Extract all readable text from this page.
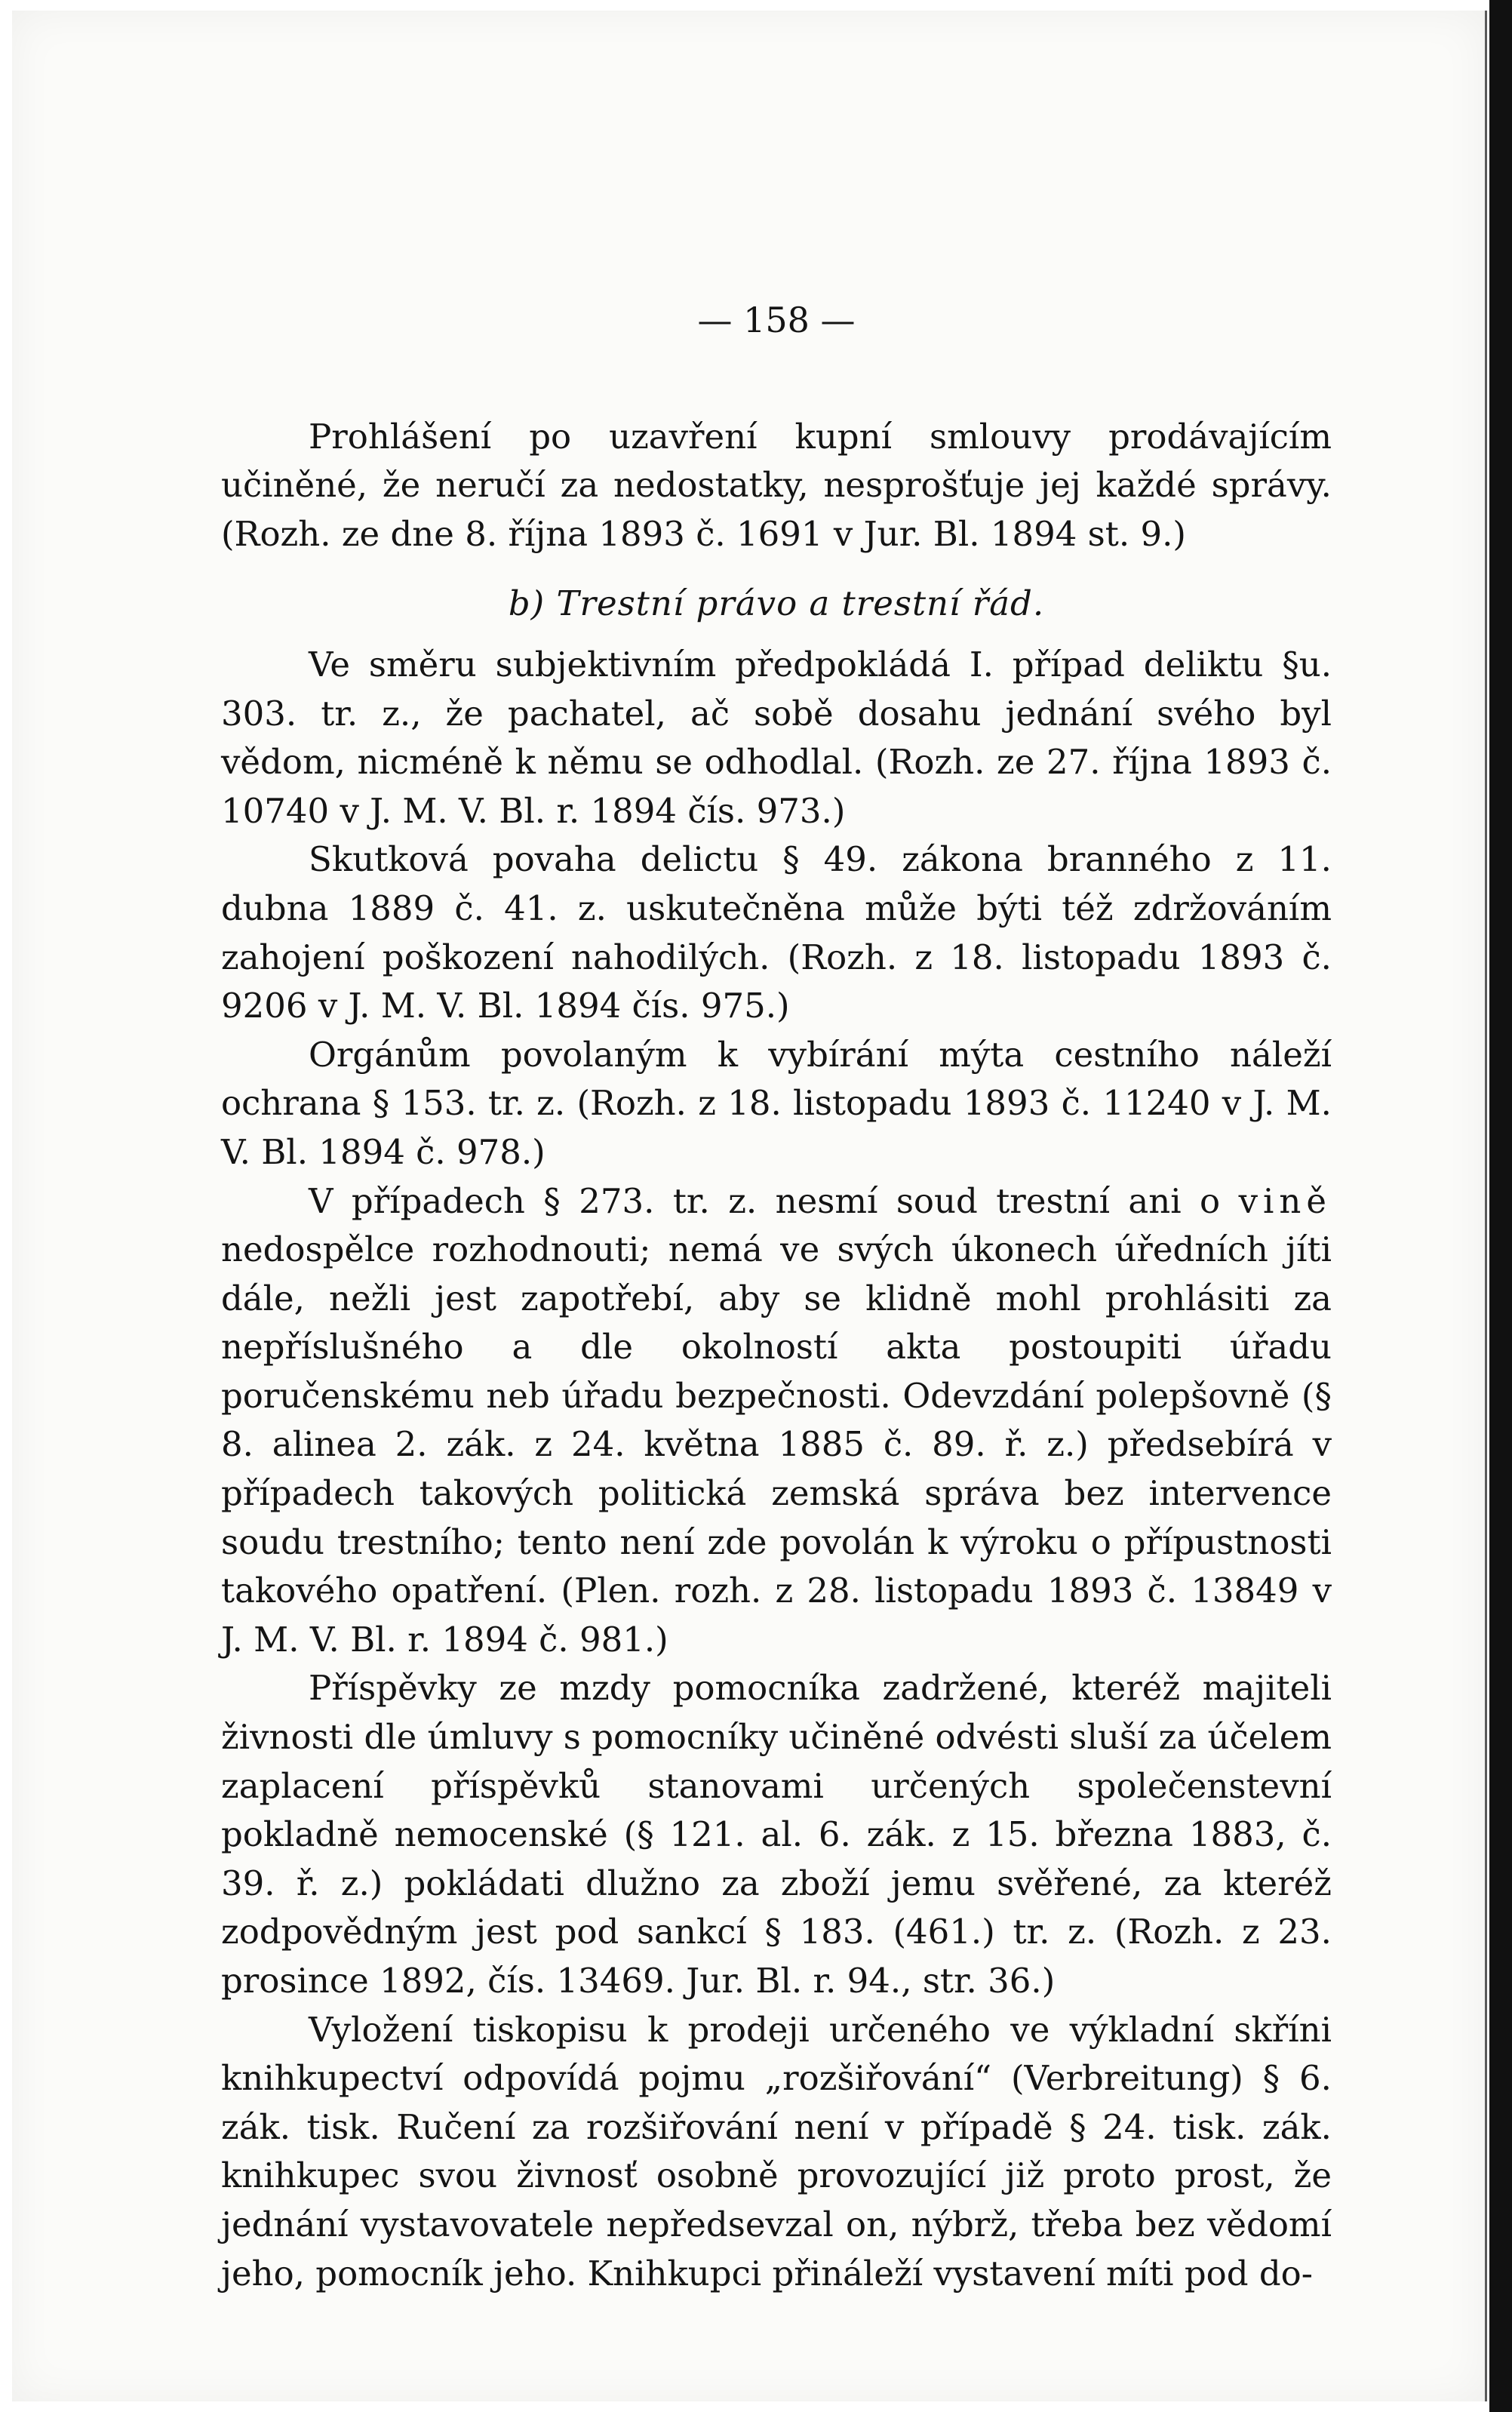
— 158 —

Prohlášení po uzavření kupní smlouvy prodávajícím učiněné, že neručí za nedostatky, nesprošťuje jej každé správy. (Rozh. ze dne 8. října 1893 č. 1691 v Jur. Bl. 1894 st. 9.)

b) Trestní právo a trestní řád.

Ve směru subjektivním předpokládá I. případ deliktu §u. 303. tr. z., že pachatel, ač sobě dosahu jednání svého byl vědom, nicméně k němu se odhodlal. (Rozh. ze 27. října 1893 č. 10740 v J. M. V. Bl. r. 1894 čís. 973.)

Skutková povaha delictu § 49. zákona branného z 11. dubna 1889 č. 41. z. uskutečněna může býti též zdržováním zahojení poškození nahodilých. (Rozh. z 18. listopadu 1893 č. 9206 v J. M. V. Bl. 1894 čís. 975.)

Orgánům povolaným k vybírání mýta cestního náleží ochrana § 153. tr. z. (Rozh. z 18. listopadu 1893 č. 11240 v J. M. V. Bl. 1894 č. 978.)

V případech § 273. tr. z. nesmí soud trestní ani o vině nedospělce rozhodnouti; nemá ve svých úkonech úředních jíti dále, nežli jest zapotřebí, aby se klidně mohl prohlásiti za nepříslušného a dle okolností akta postoupiti úřadu poručenskému neb úřadu bezpečnosti. Odevzdání polepšovně (§ 8. alinea 2. zák. z 24. května 1885 č. 89. ř. z.) předsebírá v případech takových politická zemská správa bez intervence soudu trestního; tento není zde povolán k výroku o přípustnosti takového opatření. (Plen. rozh. z 28. listopadu 1893 č. 13849 v J. M. V. Bl. r. 1894 č. 981.)

Příspěvky ze mzdy pomocníka zadržené, kteréž majiteli živnosti dle úmluvy s pomocníky učiněné odvésti sluší za účelem zaplacení příspěvků stanovami určených společenstevní pokladně nemocenské (§ 121. al. 6. zák. z 15. března 1883, č. 39. ř. z.) pokládati dlužno za zboží jemu svěřené, za kteréž zodpovědným jest pod sankcí § 183. (461.) tr. z. (Rozh. z 23. prosince 1892, čís. 13469. Jur. Bl. r. 94., str. 36.)

Vyložení tiskopisu k prodeji určeného ve výkladní skříni knihkupectví odpovídá pojmu „rozšiřování“ (Verbreitung) § 6. zák. tisk. Ručení za rozšiřování není v případě § 24. tisk. zák. knihkupec svou živnosť osobně provozující již proto prost, že jednání vystavovatele nepředsevzal on, nýbrž, třeba bez vědomí jeho, pomocník jeho. Knihkupci přináleží vystavení míti pod do-
